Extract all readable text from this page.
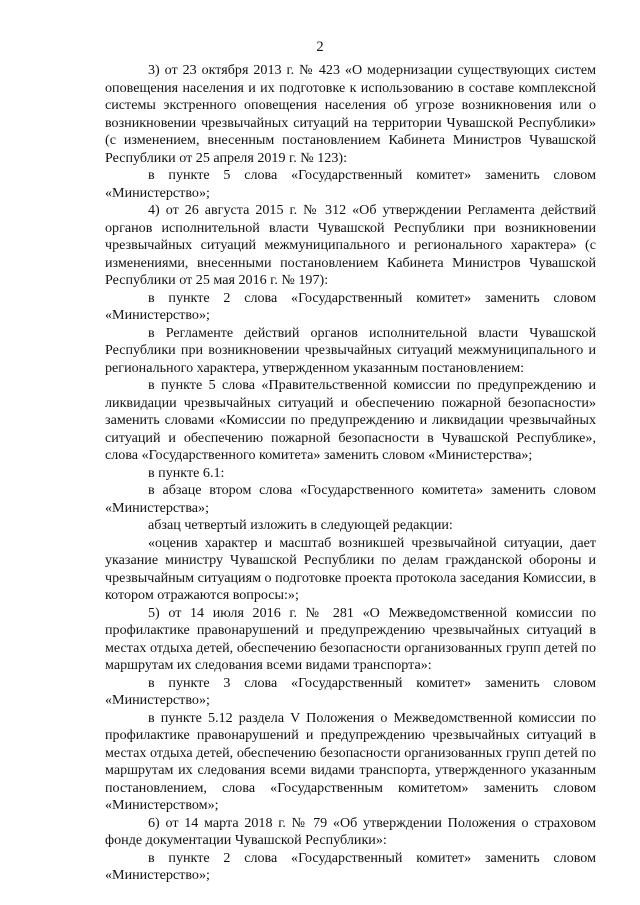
2

3) от 23 октября 2013 г. № 423 «О модернизации существующих систем оповещения населения и их подготовке к использованию в составе комплексной системы экстренного оповещения населения об угрозе возникновения или о возникновении чрезвычайных ситуаций на территории Чувашской Республики» (с изменением, внесенным постановлением Кабинета Министров Чувашской Республики от 25 апреля 2019 г. № 123):

в пункте 5 слова «Государственный комитет» заменить словом «Министерство»;

4) от 26 августа 2015 г. № 312 «Об утверждении Регламента действий органов исполнительной власти Чувашской Республики при возникновении чрезвычайных ситуаций межмуниципального и регионального характера» (с изменениями, внесенными постановлением Кабинета Министров Чувашской Республики от 25 мая 2016 г. № 197):

в пункте 2 слова «Государственный комитет» заменить словом «Министерство»;

в Регламенте действий органов исполнительной власти Чувашской Республики при возникновении чрезвычайных ситуаций межмуниципального и регионального характера, утвержденном указанным постановлением:

в пункте 5 слова «Правительственной комиссии по предупреждению и ликвидации чрезвычайных ситуаций и обеспечению пожарной безопасности» заменить словами «Комиссии по предупреждению и ликвидации чрезвычайных ситуаций и обеспечению пожарной безопасности в Чувашской Республике», слова «Государственного комитета» заменить словом «Министерства»;

в пункте 6.1:

в абзаце втором слова «Государственного комитета» заменить словом «Министерства»;

абзац четвертый изложить в следующей редакции:

«оценив характер и масштаб возникшей чрезвычайной ситуации, дает указание министру Чувашской Республики по делам гражданской обороны и чрезвычайным ситуациям о подготовке проекта протокола заседания Комиссии, в котором отражаются вопросы:»;

5) от 14 июля 2016 г. № 281 «О Межведомственной комиссии по профилактике правонарушений и предупреждению чрезвычайных ситуаций в местах отдыха детей, обеспечению безопасности организованных групп детей по маршрутам их следования всеми видами транспорта»:

в пункте 3 слова «Государственный комитет» заменить словом «Министерство»;

в пункте 5.12 раздела V Положения о Межведомственной комиссии по профилактике правонарушений и предупреждению чрезвычайных ситуаций в местах отдыха детей, обеспечению безопасности организованных групп детей по маршрутам их следования всеми видами транспорта, утвержденного указанным постановлением, слова «Государственным комитетом» заменить словом «Министерством»;

6) от 14 марта 2018 г. № 79 «Об утверждении Положения о страховом фонде документации Чувашской Республики»:

в пункте 2 слова «Государственный комитет» заменить словом «Министерство»;
